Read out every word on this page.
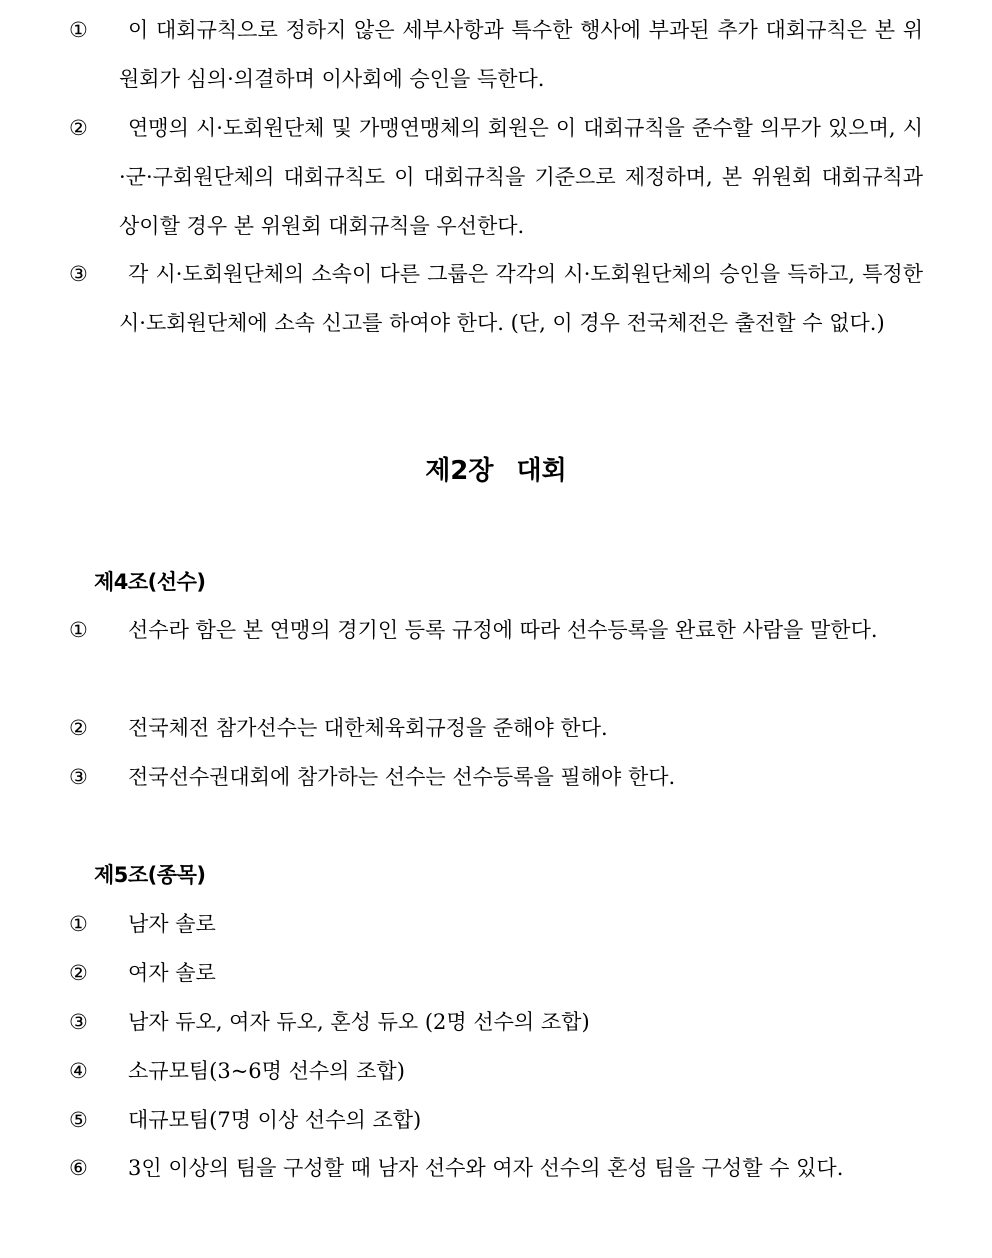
① 이 대회규칙으로 정하지 않은 세부사항과 특수한 행사에 부과된 추가 대회규칙은 본 위원회가 심의·의결하며 이사회에 승인을 득한다.
② 연맹의 시·도회원단체 및 가맹연맹체의 회원은 이 대회규칙을 준수할 의무가 있으며, 시·군·구회원단체의 대회규칙도 이 대회규칙을 기준으로 제정하며, 본 위원회 대회규칙과 상이할 경우 본 위원회 대회규칙을 우선한다.
③ 각 시·도회원단체의 소속이 다른 그룹은 각각의 시·도회원단체의 승인을 득하고, 특정한 시·도회원단체에 소속 신고를 하여야 한다. (단, 이 경우 전국체전은 출전할 수 없다.)
제2장 대회
제4조(선수)
① 선수라 함은 본 연맹의 경기인 등록 규정에 따라 선수등록을 완료한 사람을 말한다.
② 전국체전 참가선수는 대한체육회규정을 준해야 한다.
③ 전국선수권대회에 참가하는 선수는 선수등록을 필해야 한다.
제5조(종목)
① 남자 솔로
② 여자 솔로
③ 남자 듀오, 여자 듀오, 혼성 듀오 (2명 선수의 조합)
④ 소규모팀(3~6명 선수의 조합)
⑤ 대규모팀(7명 이상 선수의 조합)
⑥ 3인 이상의 팀을 구성할 때 남자 선수와 여자 선수의 혼성 팀을 구성할 수 있다.
